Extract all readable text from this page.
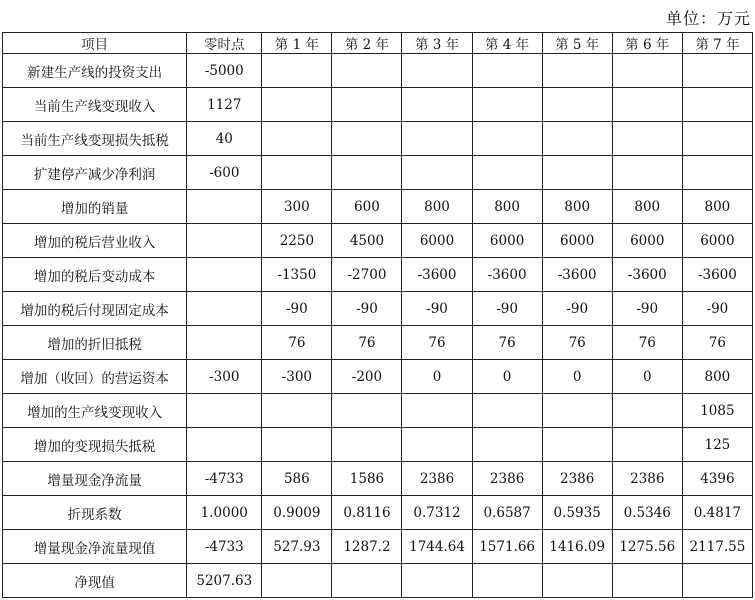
单位：万元
项目	零时点	第 1 年	第 2 年	第 3 年	第 4 年	第 5 年	第 6 年	第 7 年
新建生产线的投资支出	-5000							
当前生产线变现收入	1127							
当前生产线变现损失抵税	40							
扩建停产减少净利润	-600							
增加的销量		300	600	800	800	800	800	800
增加的税后营业收入		2250	4500	6000	6000	6000	6000	6000
增加的税后变动成本		-1350	-2700	-3600	-3600	-3600	-3600	-3600
增加的税后付现固定成本		-90	-90	-90	-90	-90	-90	-90
增加的折旧抵税		76	76	76	76	76	76	76
增加（收回）的营运资本	-300	-300	-200	0	0	0	0	800
增加的生产线变现收入								1085
增加的变现损失抵税								125
增量现金净流量	-4733	586	1586	2386	2386	2386	2386	4396
折现系数	1.0000	0.9009	0.8116	0.7312	0.6587	0.5935	0.5346	0.4817
增量现金净流量现值	-4733	527.93	1287.2	1744.64	1571.66	1416.09	1275.56	2117.55
净现值	5207.63							
